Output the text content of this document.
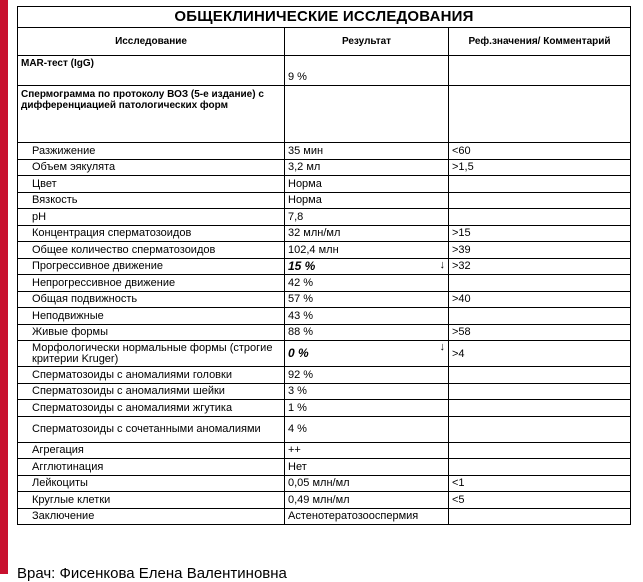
ОБЩЕКЛИНИЧЕСКИЕ ИССЛЕДОВАНИЯ		
Исследование	Результат	Реф.значения/ Комментарий
MAR-тест (IgG)	9 %	
Спермограмма по протоколу ВОЗ (5-е издание) с дифференциацией патологических форм		
Разжижение	35 мин	<60
Объем эякулята	3,2 мл	>1,5
Цвет	Норма	
Вязкость	Норма	
pH	7,8	
Концентрация сперматозоидов	32 млн/мл	>15
Общее количество сперматозоидов	102,4 млн	>39
Прогрессивное движение	15 % ↓	>32
Непрогрессивное движение	42 %	
Общая подвижность	57 %	>40
Неподвижные	43 %	
Живые формы	88 %	>58
Морфологически нормальные формы (строгие критерии Kruger)	0 % ↓	>4
Сперматозоиды с аномалиями головки	92 %	
Сперматозоиды с аномалиями шейки	3 %	
Сперматозоиды с аномалиями жгутика	1 %	
Сперматозоиды с сочетанными аномалиями	4 %	
Агрегация	++	
Агглютинация	Нет	
Лейкоциты	0,05 млн/мл	<1
Круглые клетки	0,49 млн/мл	<5
Заключение	Астенотератозооспермия	
Врач: Фисенкова Елена Валентиновна
